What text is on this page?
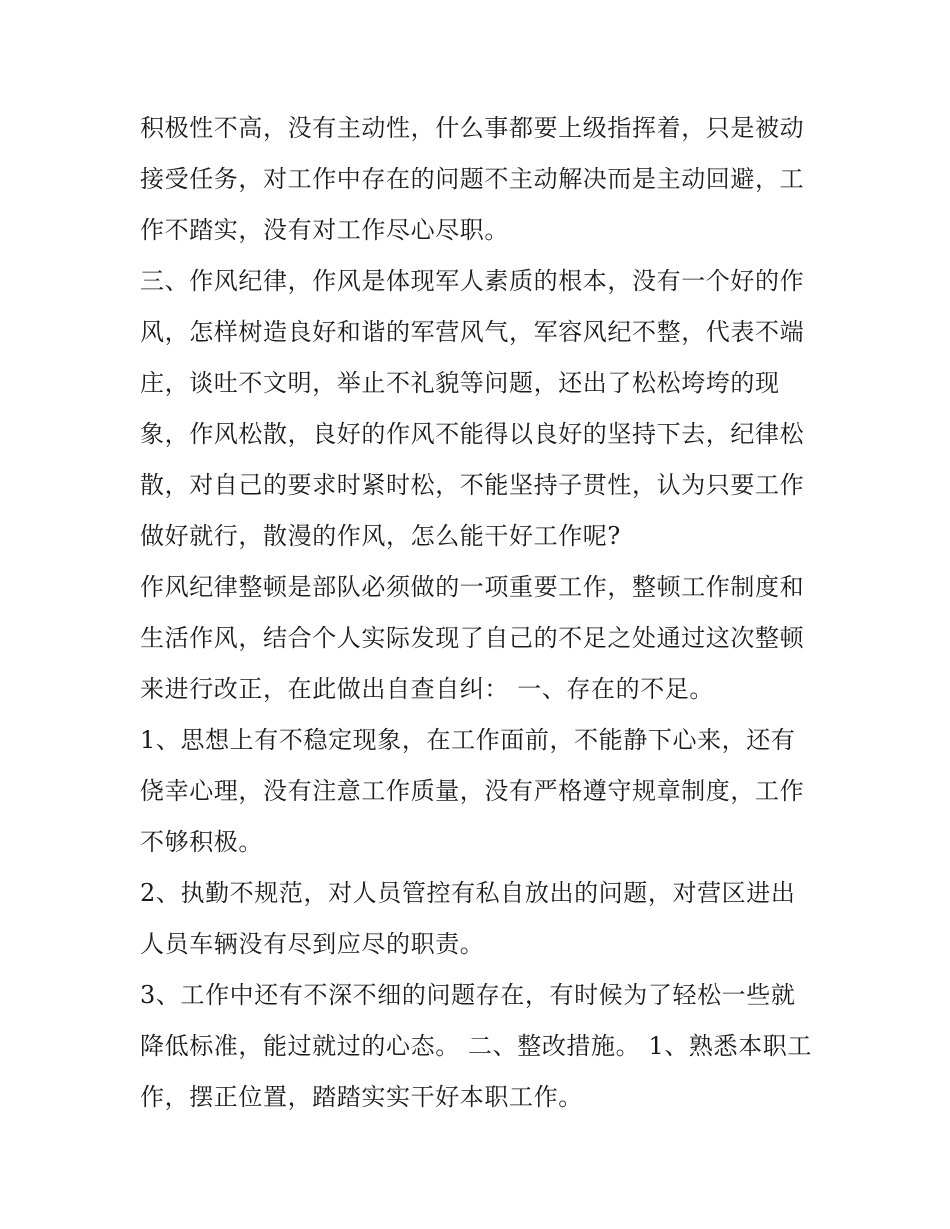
积极性不高，没有主动性，什么事都要上级指挥着，只是被动
接受任务，对工作中存在的问题不主动解决而是主动回避，工
作不踏实，没有对工作尽心尽职。
三、作风纪律，作风是体现军人素质的根本，没有一个好的作
风，怎样树造良好和谐的军营风气，军容风纪不整，代表不端
庄，谈吐不文明，举止不礼貌等问题，还出了松松垮垮的现
象，作风松散，良好的作风不能得以良好的坚持下去，纪律松
散，对自己的要求时紧时松，不能坚持子贯性，认为只要工作
做好就行，散漫的作风，怎么能干好工作呢?
作风纪律整顿是部队必须做的一项重要工作，整顿工作制度和
生活作风，结合个人实际发现了自己的不足之处通过这次整顿
来进行改正，在此做出自查自纠： 一、存在的不足。
1、思想上有不稳定现象，在工作面前，不能静下心来，还有
侥幸心理，没有注意工作质量，没有严格遵守规章制度，工作
不够积极。
2、执勤不规范，对人员管控有私自放出的问题，对营区进出
人员车辆没有尽到应尽的职责。
3、工作中还有不深不细的问题存在，有时候为了轻松一些就
降低标准，能过就过的心态。 二、整改措施。 1、熟悉本职工
作，摆正位置，踏踏实实干好本职工作。
